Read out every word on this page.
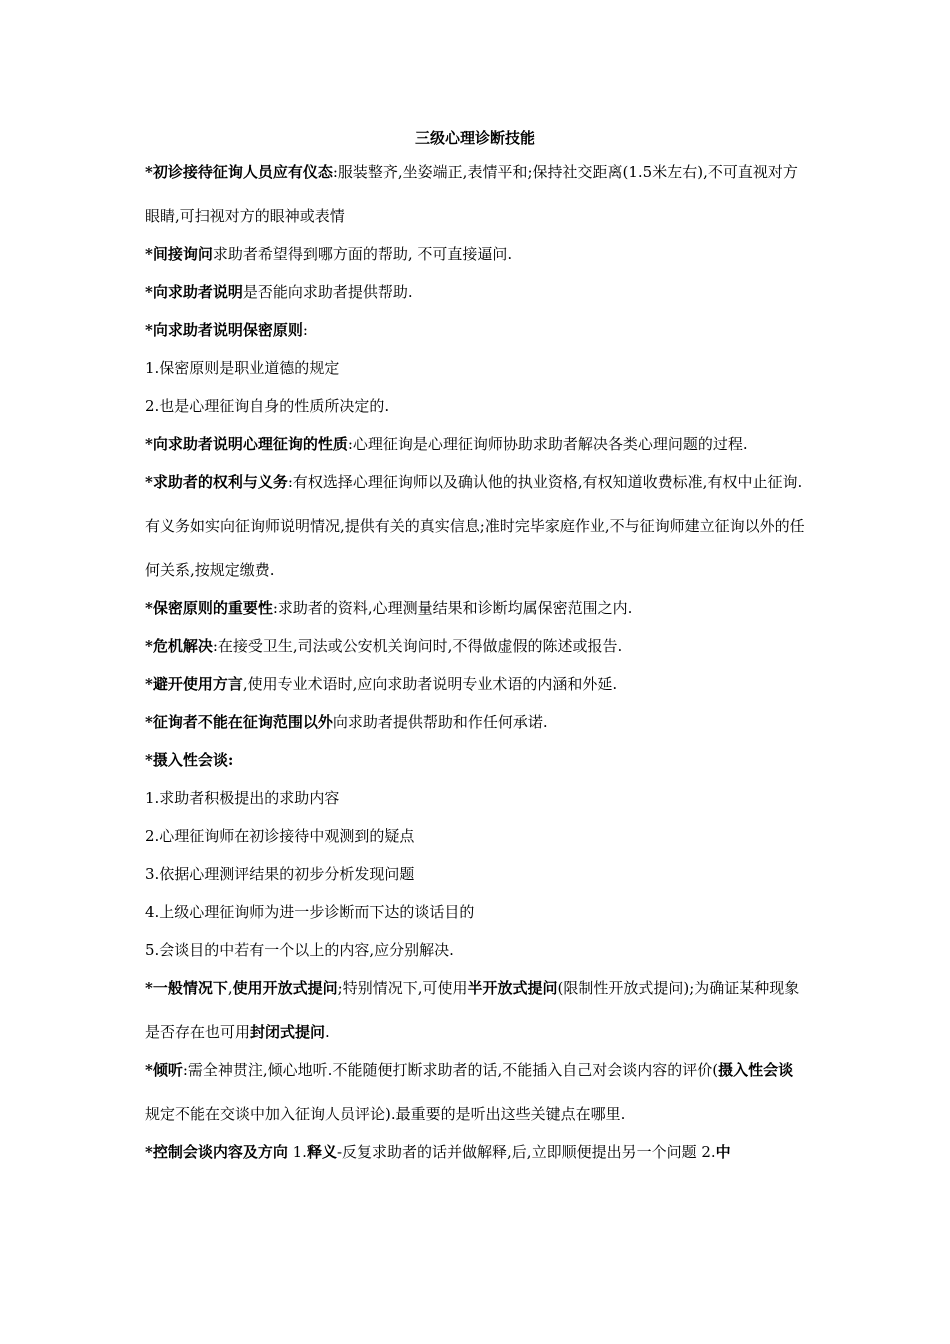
三级心理诊断技能

*初诊接待征询人员应有仪态:服装整齐,坐姿端正,表情平和;保持社交距离(1.5米左右),不可直视对方眼睛,可扫视对方的眼神或表情

*间接询问求助者希望得到哪方面的帮助, 不可直接逼问.

*向求助者说明是否能向求助者提供帮助.

*向求助者说明保密原则:

1.保密原则是职业道德的规定

2.也是心理征询自身的性质所决定的.

*向求助者说明心理征询的性质:心理征询是心理征询师协助求助者解决各类心理问题的过程.

*求助者的权利与义务:有权选择心理征询师以及确认他的执业资格,有权知道收费标准,有权中止征询.有义务如实向征询师说明情况,提供有关的真实信息;准时完毕家庭作业,不与征询师建立征询以外的任何关系,按规定缴费.

*保密原则的重要性:求助者的资料,心理测量结果和诊断均属保密范围之内.

*危机解决:在接受卫生,司法或公安机关询问时,不得做虚假的陈述或报告.

*避开使用方言,使用专业术语时,应向求助者说明专业术语的内涵和外延.

*征询者不能在征询范围以外向求助者提供帮助和作任何承诺.

*摄入性会谈:

1.求助者积极提出的求助内容

2.心理征询师在初诊接待中观测到的疑点

3.依据心理测评结果的初步分析发现问题

4.上级心理征询师为进一步诊断而下达的谈话目的

5.会谈目的中若有一个以上的内容,应分别解决.

*一般情况下,使用开放式提问;特别情况下,可使用半开放式提问(限制性开放式提问);为确证某种现象是否存在也可用封闭式提问.

*倾听:需全神贯注,倾心地听.不能随便打断求助者的话,不能插入自己对会谈内容的评价(摄入性会谈规定不能在交谈中加入征询人员评论).最重要的是听出这些关键点在哪里.

*控制会谈内容及方向 1.释义-反复求助者的话并做解释,后,立即顺便提出另一个问题 2.中
